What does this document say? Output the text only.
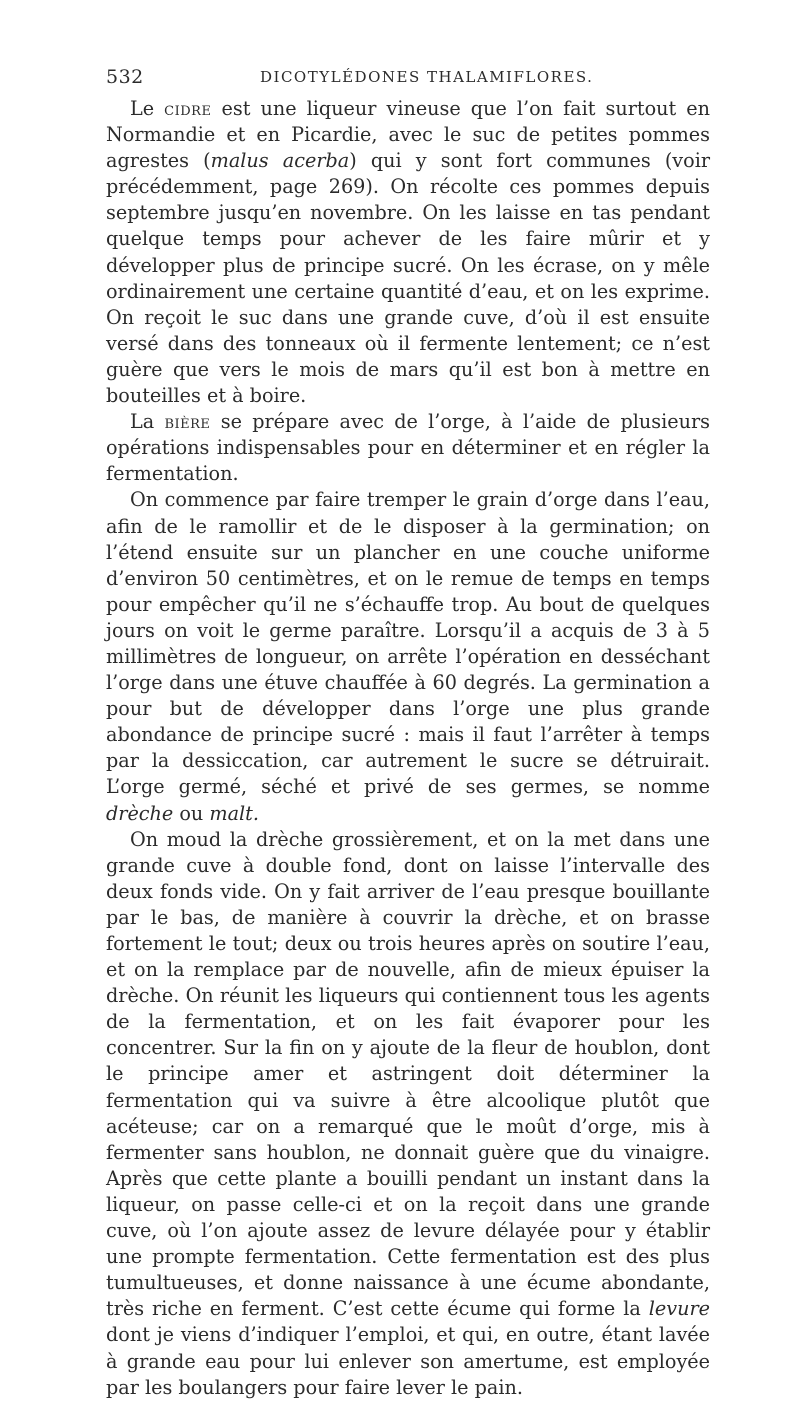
532	DICOTYLÉDONES THALAMIFLORES.

Le cidre est une liqueur vineuse que l’on fait surtout en Normandie et en Picardie, avec le suc de petites pommes agrestes (malus acerba) qui y sont fort communes (voir précédemment, page 269). On récolte ces pommes depuis septembre jusqu’en novembre. On les laisse en tas pendant quelque temps pour achever de les faire mûrir et y développer plus de principe sucré. On les écrase, on y mêle ordinairement une certaine quantité d’eau, et on les exprime. On reçoit le suc dans une grande cuve, d’où il est ensuite versé dans des tonneaux où il fermente lentement; ce n’est guère que vers le mois de mars qu’il est bon à mettre en bouteilles et à boire.

La bière se prépare avec de l’orge, à l’aide de plusieurs opérations indispensables pour en déterminer et en régler la fermentation.

On commence par faire tremper le grain d’orge dans l’eau, afin de le ramollir et de le disposer à la germination; on l’étend ensuite sur un plancher en une couche uniforme d’environ 50 centimètres, et on le remue de temps en temps pour empêcher qu’il ne s’échauffe trop. Au bout de quelques jours on voit le germe paraître. Lorsqu’il a acquis de 3 à 5 millimètres de longueur, on arrête l’opération en desséchant l’orge dans une étuve chauffée à 60 degrés. La germination a pour but de développer dans l’orge une plus grande abondance de principe sucré : mais il faut l’arrêter à temps par la dessiccation, car autrement le sucre se détruirait. L’orge germé, séché et privé de ses germes, se nomme drèche ou malt.

On moud la drèche grossièrement, et on la met dans une grande cuve à double fond, dont on laisse l’intervalle des deux fonds vide. On y fait arriver de l’eau presque bouillante par le bas, de manière à couvrir la drèche, et on brasse fortement le tout; deux ou trois heures après on soutire l’eau, et on la remplace par de nouvelle, afin de mieux épuiser la drèche. On réunit les liqueurs qui contiennent tous les agents de la fermentation, et on les fait évaporer pour les concentrer. Sur la fin on y ajoute de la fleur de houblon, dont le principe amer et astringent doit déterminer la fermentation qui va suivre à être alcoolique plutôt que acéteuse; car on a remarqué que le moût d’orge, mis à fermenter sans houblon, ne donnait guère que du vinaigre. Après que cette plante a bouilli pendant un instant dans la liqueur, on passe celle-ci et on la reçoit dans une grande cuve, où l’on ajoute assez de levure délayée pour y établir une prompte fermentation. Cette fermentation est des plus tumultueuses, et donne naissance à une écume abondante, très riche en ferment. C’est cette écume qui forme la levure dont je viens d’indiquer l’emploi, et qui, en outre, étant lavée à grande eau pour lui enlever son amertume, est employée par les boulangers pour faire lever le pain.
